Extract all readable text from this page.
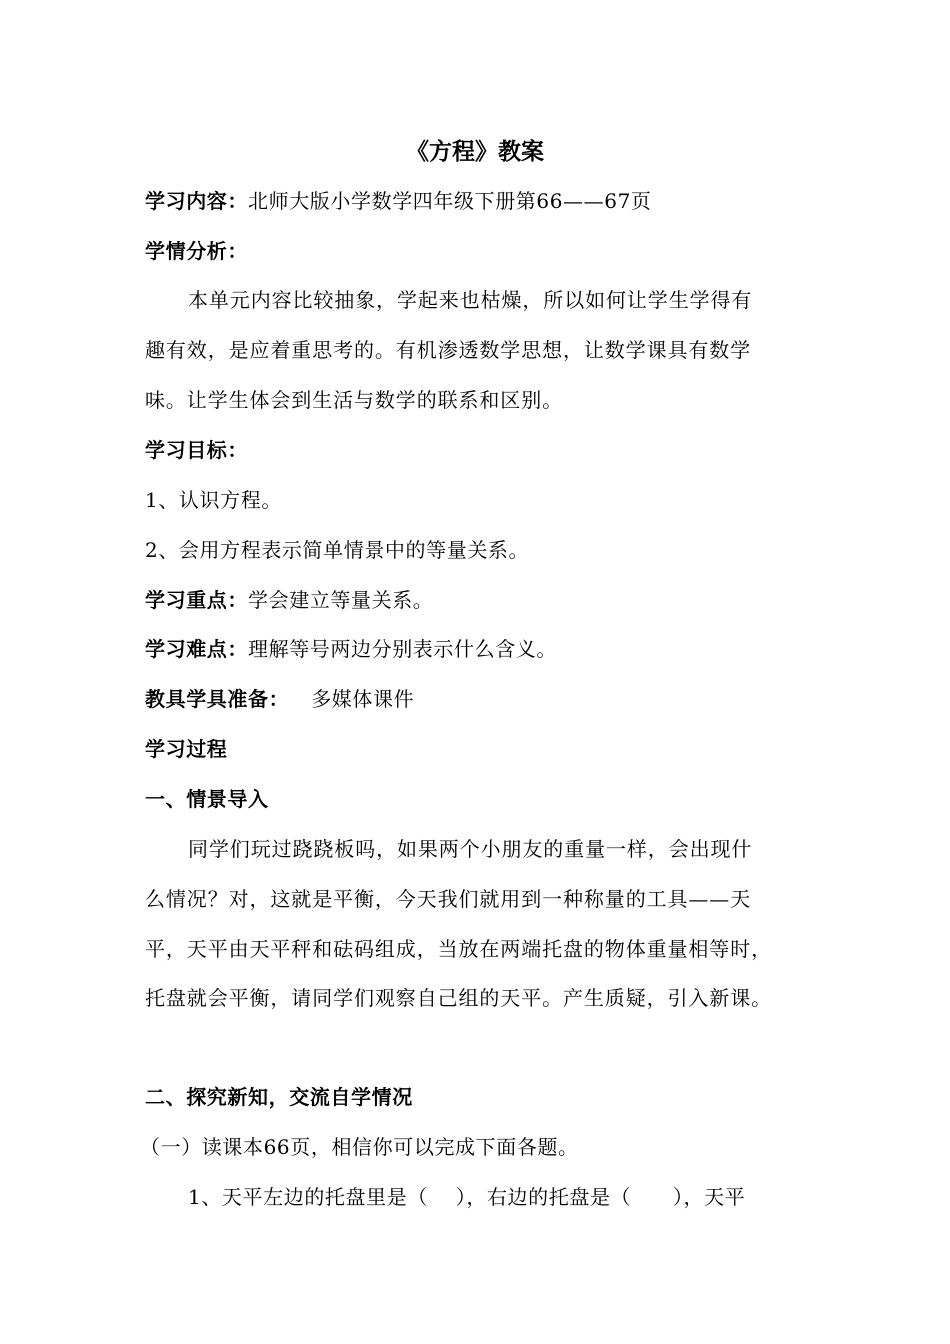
《方程》教案
学习内容：北师大版小学数学四年级下册第66——67页
学情分析：
本单元内容比较抽象，学起来也枯燥，所以如何让学生学得有
趣有效，是应着重思考的。有机渗透数学思想，让数学课具有数学
味。让学生体会到生活与数学的联系和区别。
学习目标：
1、认识方程。
2、会用方程表示简单情景中的等量关系。
学习重点：学会建立等量关系。
学习难点：理解等号两边分别表示什么含义。
教具学具准备： 多媒体课件
学习过程
一、情景导入
同学们玩过跷跷板吗，如果两个小朋友的重量一样，会出现什
么情况？对，这就是平衡，今天我们就用到一种称量的工具——天
平，天平由天平秤和砝码组成，当放在两端托盘的物体重量相等时，
托盘就会平衡，请同学们观察自己组的天平。产生质疑，引入新课。
二、探究新知，交流自学情况
（一）读课本66页，相信你可以完成下面各题。
1、天平左边的托盘里是（    ），右边的托盘是（      ），天平
